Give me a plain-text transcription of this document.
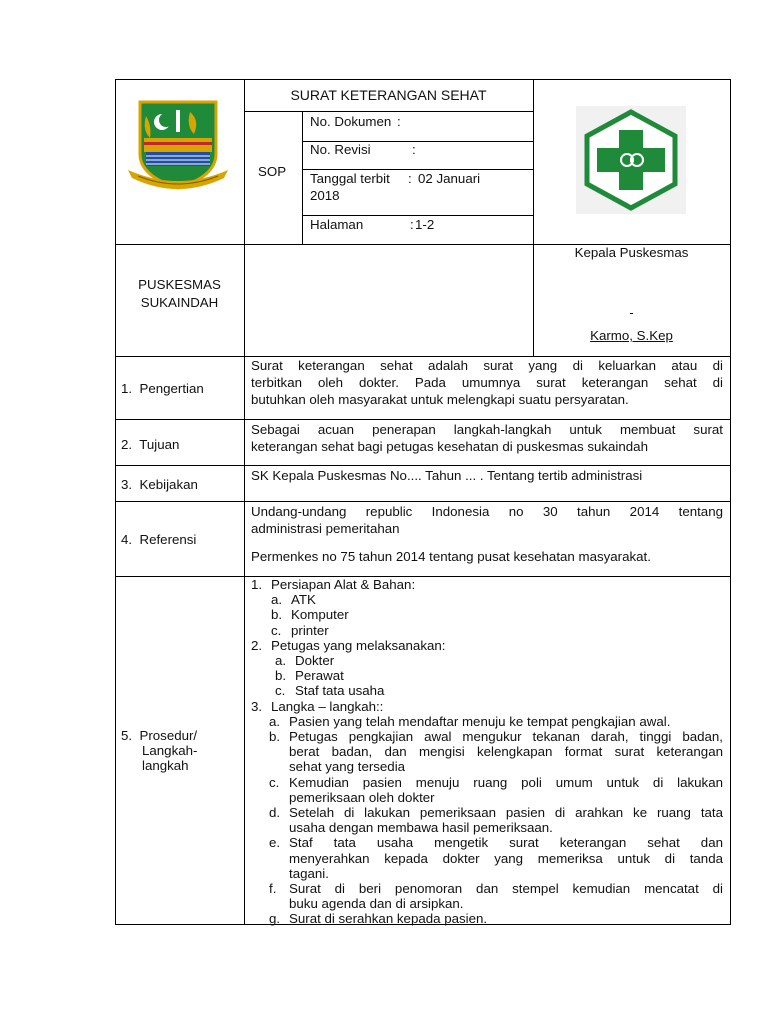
SURAT KETERANGAN SEHAT
SOP
No. Dokumen :
No. Revisi	:
Tanggal terbit : 02 Januari
2018
Halaman	: 1-2
PUSKESMAS
SUKAINDAH
Kepala Puskesmas
-
Karmo, S.Kep
1.  Pengertian
Surat keterangan sehat adalah surat yang di keluarkan atau di
terbitkan oleh dokter. Pada umumnya surat keterangan sehat di
butuhkan oleh masyarakat untuk melengkapi suatu persyaratan.
2.  Tujuan
Sebagai acuan penerapan langkah-langkah untuk membuat surat
keterangan sehat bagi petugas kesehatan di puskesmas sukaindah
3.  Kebijakan
SK Kepala Puskesmas No.... Tahun ... . Tentang tertib administrasi
4.  Referensi
Undang-undang republic Indonesia no 30 tahun 2014 tentang
administrasi pemeritahan
Permenkes no 75 tahun 2014 tentang pusat kesehatan masyarakat.
5.  Prosedur/
Langkah-
langkah
1. Persiapan Alat & Bahan:
a. ATK
b. Komputer
c. printer
2. Petugas yang melaksanakan:
a. Dokter
b. Perawat
c. Staf tata usaha
3. Langka – langkah::
a. Pasien yang telah mendaftar menuju ke tempat pengkajian awal.
b. Petugas pengkajian awal mengukur tekanan darah, tinggi badan,
berat badan, dan mengisi kelengkapan format surat keterangan
sehat yang tersedia
c. Kemudian pasien menuju ruang poli umum untuk di lakukan
pemeriksaan oleh dokter
d. Setelah di lakukan pemeriksaan pasien di arahkan ke ruang tata
usaha dengan membawa hasil pemeriksaan.
e. Staf tata usaha mengetik surat keterangan sehat dan
menyerahkan kepada dokter yang memeriksa untuk di tanda
tagani.
f. Surat di beri penomoran dan stempel kemudian mencatat di
buku agenda dan di arsipkan.
g. Surat di serahkan kepada pasien.
